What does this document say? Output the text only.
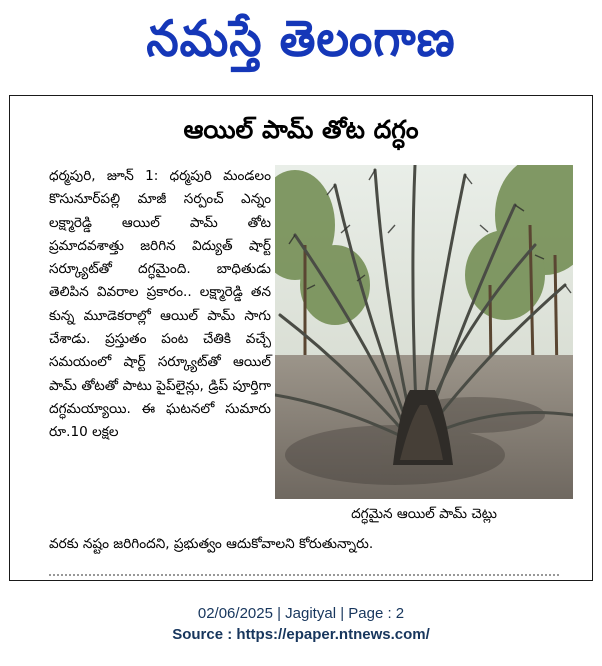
నమస్తే తెలంగాణ
ఆయిల్ పామ్ తోట దగ్ధం
ధర్మపురి, జూన్ 1: ధర్మపురి మండలం కొసునూర్‌పల్లి మాజీ సర్పంచ్ ఎన్నం లక్ష్మారెడ్డి ఆయిల్ పామ్ తోట ప్రమాదవశాత్తు జరిగిన విద్యుత్ షార్ట్ సర్క్యూట్‌తో దగ్ధమైంది. బాధితుడు తెలిపిన వివరాల ప్రకారం.. లక్ష్మారెడ్డి తన కున్న మూడెకరాల్లో ఆయిల్ పామ్ సాగు చేశాడు. ప్రస్తుతం పంట చేతికి వచ్చే సమయంలో షార్ట్ సర్క్యూట్‌తో ఆయిల్ పామ్ తోటతో పాటు పైప్‌లైన్లు, డ్రిప్ పూర్తిగా దగ్ధమయ్యాయి. ఈ ఘటనలో సుమారు రూ.10 లక్షల
దగ్ధమైన ఆయిల్ పామ్ చెట్లు
వరకు నష్టం జరిగిందని, ప్రభుత్వం ఆదుకోవాలని కోరుతున్నారు.
02/06/2025 | Jagityal | Page : 2
Source : https://epaper.ntnews.com/
